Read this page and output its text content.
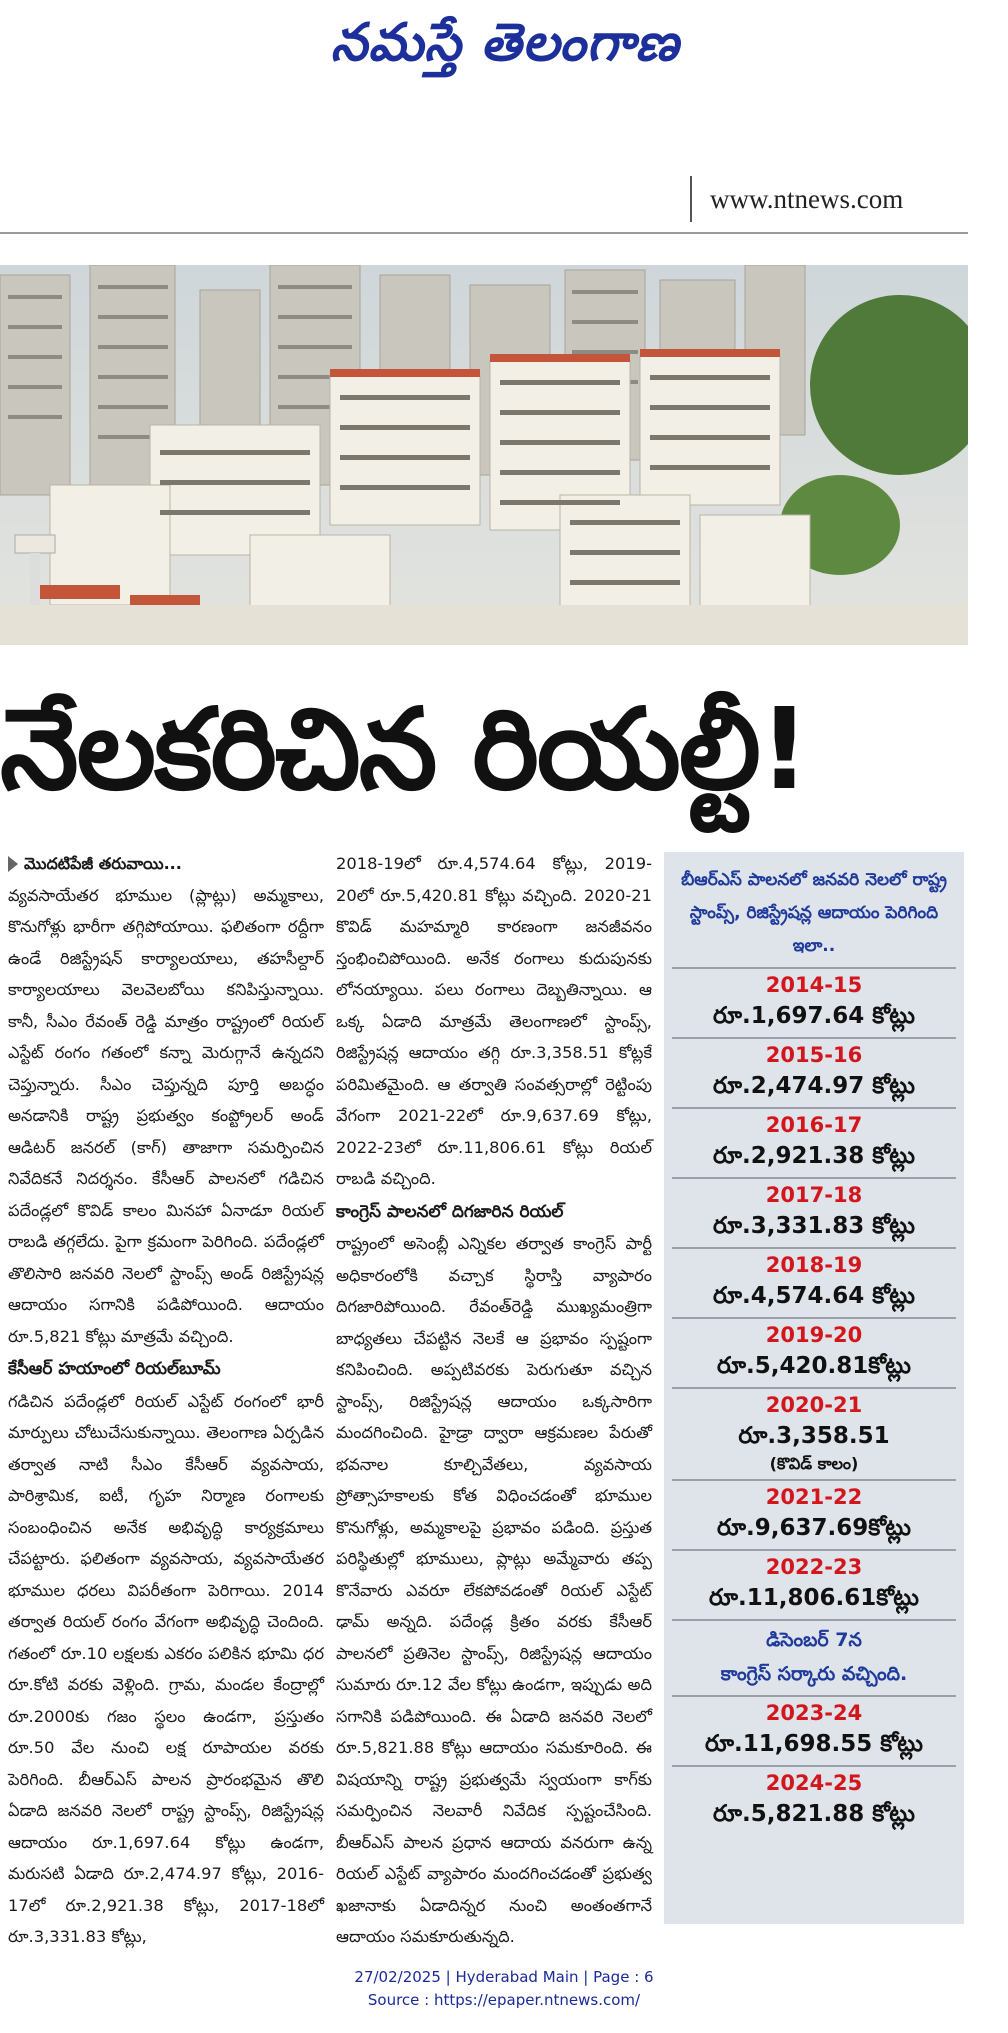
నమస్తే తెలంగాణ
www.ntnews.com
నేలకరిచిన రియల్టీ!
మొదటిపేజీ తరువాయి...

వ్యవసాయేతర భూముల (ప్లాట్లు) అమ్మకాలు, కొనుగోళ్లు భారీగా తగ్గిపోయాయి. ఫలితంగా రద్దీగా ఉండే రిజిస్ట్రేషన్ కార్యాలయాలు, తహసీల్దార్ కార్యాలయాలు వెలవెలబోయి కనిపిస్తున్నాయి. కానీ, సీఎం రేవంత్ రెడ్డి మాత్రం రాష్ట్రంలో రియల్ ఎస్టేట్ రంగం గతంలో కన్నా మెరుగ్గానే ఉన్నదని చెప్తున్నారు. సీఎం చెప్తున్నది పూర్తి అబద్ధం అనడానికి రాష్ట్ర ప్రభుత్వం కంప్ట్రోలర్ అండ్ ఆడిటర్ జనరల్ (కాగ్) తాజాగా సమర్పించిన నివేదికనే నిదర్శనం. కేసీఆర్ పాలనలో గడిచిన పదేండ్లలో కొవిడ్ కాలం మినహా ఏనాడూ రియల్ రాబడి తగ్గలేదు. పైగా క్రమంగా పెరిగింది. పదేండ్లలో తొలిసారి జనవరి నెలలో స్టాంప్స్ అండ్ రిజిస్ట్రేషన్ల ఆదాయం సగానికి పడిపోయింది. ఆదాయం రూ.5,821 కోట్లు మాత్రమే వచ్చింది.

కేసీఆర్ హయాంలో రియల్‌బూమ్

గడిచిన పదేండ్లలో రియల్ ఎస్టేట్ రంగంలో భారీ మార్పులు చోటుచేసుకున్నాయి. తెలంగాణ ఏర్పడిన తర్వాత నాటి సీఎం కేసీఆర్ వ్యవసాయ, పారిశ్రామిక, ఐటీ, గృహ నిర్మాణ రంగాలకు సంబంధించిన అనేక అభివృద్ధి కార్యక్రమాలు చేపట్టారు. ఫలితంగా వ్యవసాయ, వ్యవసాయేతర భూముల ధరలు విపరీతంగా పెరిగాయి. 2014 తర్వాత రియల్ రంగం వేగంగా అభివృద్ధి చెందింది. గతంలో రూ.10 లక్షలకు ఎకరం పలికిన భూమి ధర రూ.కోటి వరకు వెళ్లింది. గ్రామ, మండల కేంద్రాల్లో రూ.2000కు గజం స్థలం ఉండగా, ప్రస్తుతం రూ.50 వేల నుంచి లక్ష రూపాయల వరకు పెరిగింది. బీఆర్ఎస్ పాలన ప్రారంభమైన తొలి ఏడాది జనవరి నెలలో రాష్ట్ర స్టాంప్స్, రిజిస్ట్రేషన్ల ఆదాయం రూ.1,697.64 కోట్లు ఉండగా, మరుసటి ఏడాది రూ.2,474.97 కోట్లు, 2016-17లో రూ.2,921.38 కోట్లు, 2017-18లో రూ.3,331.83 కోట్లు,

2018-19లో రూ.4,574.64 కోట్లు, 2019-20లో రూ.5,420.81 కోట్లు వచ్చింది. 2020-21 కొవిడ్ మహమ్మారి కారణంగా జనజీవనం స్తంభించిపోయింది. అనేక రంగాలు కుదుపునకు లోనయ్యాయి. పలు రంగాలు దెబ్బతిన్నాయి. ఆ ఒక్క ఏడాది మాత్రమే తెలంగాణలో స్టాంప్స్, రిజిస్ట్రేషన్ల ఆదాయం తగ్గి రూ.3,358.51 కోట్లకే పరిమితమైంది. ఆ తర్వాతి సంవత్సరాల్లో రెట్టింపు వేగంగా 2021-22లో రూ.9,637.69 కోట్లు, 2022-23లో రూ.11,806.61 కోట్లు రియల్ రాబడి వచ్చింది.

కాంగ్రెస్ పాలనలో దిగజారిన రియల్

రాష్ట్రంలో అసెంబ్లీ ఎన్నికల తర్వాత కాంగ్రెస్ పార్టీ అధికారంలోకి వచ్చాక స్థిరాస్తి వ్యాపారం దిగజారిపోయింది. రేవంత్‌రెడ్డి ముఖ్యమంత్రిగా బాధ్యతలు చేపట్టిన నెలకే ఆ ప్రభావం స్పష్టంగా కనిపించింది. అప్పటివరకు పెరుగుతూ వచ్చిన స్టాంప్స్, రిజిస్ట్రేషన్ల ఆదాయం ఒక్కసారిగా మందగించింది. హైడ్రా ద్వారా ఆక్రమణల పేరుతో భవనాల కూల్చివేతలు, వ్యవసాయ ప్రోత్సాహకాలకు కోత విధించడంతో భూముల కొనుగోళ్లు, అమ్మకాలపై ప్రభావం పడింది. ప్రస్తుత పరిస్థితుల్లో భూములు, ప్లాట్లు అమ్మేవారు తప్ప కొనేవారు ఎవరూ లేకపోవడంతో రియల్ ఎస్టేట్ ఢామ్ అన్నది. పదేండ్ల క్రితం వరకు కేసీఆర్ పాలనలో ప్రతినెల స్టాంప్స్, రిజిస్ట్రేషన్ల ఆదాయం సుమారు రూ.12 వేల కోట్లు ఉండగా, ఇప్పుడు అది సగానికి పడిపోయింది. ఈ ఏడాది జనవరి నెలలో రూ.5,821.88 కోట్లు ఆదాయం సమకూరింది. ఈ విషయాన్ని రాష్ట్ర ప్రభుత్వమే స్వయంగా కాగ్‌కు సమర్పించిన నెలవారీ నివేదిక స్పష్టంచేసింది. బీఆర్ఎస్ పాలన ప్రధాన ఆదాయ వనరుగా ఉన్న రియల్ ఎస్టేట్ వ్యాపారం మందగించడంతో ప్రభుత్వ ఖజానాకు ఏడాదిన్నర నుంచి అంతంతగానే ఆదాయం సమకూరుతున్నది.

బీఆర్ఎస్ పాలనలో జనవరి నెలలో రాష్ట్ర స్టాంప్స్, రిజిస్ట్రేషన్ల ఆదాయం పెరిగింది ఇలా..
2014-15
రూ.1,697.64 కోట్లు
2015-16
రూ.2,474.97 కోట్లు
2016-17
రూ.2,921.38 కోట్లు
2017-18
రూ.3,331.83 కోట్లు
2018-19
రూ.4,574.64 కోట్లు
2019-20
రూ.5,420.81కోట్లు
2020-21
రూ.3,358.51
(కొవిడ్ కాలం)
2021-22
రూ.9,637.69కోట్లు
2022-23
రూ.11,806.61కోట్లు
డిసెంబర్ 7న
కాంగ్రెస్ సర్కారు వచ్చింది.
2023-24
రూ.11,698.55 కోట్లు
2024-25
రూ.5,821.88 కోట్లు
27/02/2025 | Hyderabad Main | Page : 6
Source : https://epaper.ntnews.com/
